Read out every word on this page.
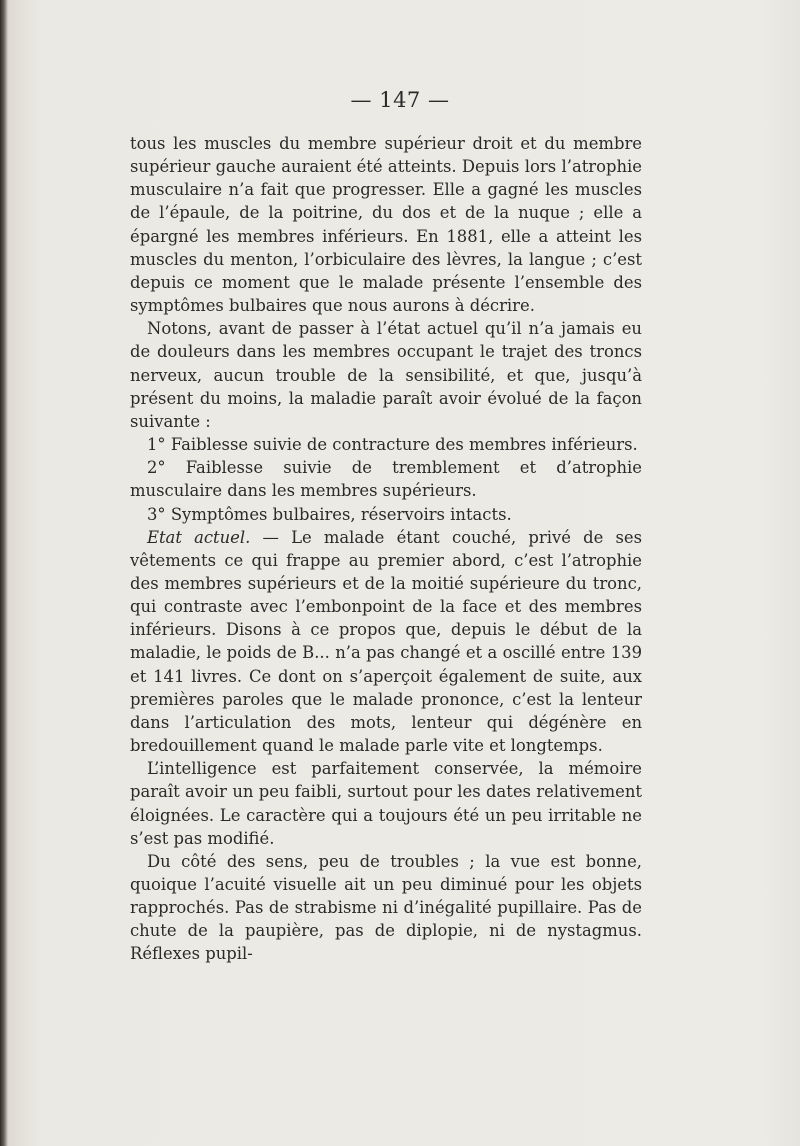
— 147 —

tous les muscles du membre supérieur droit et du membre supérieur gauche auraient été atteints. Depuis lors l’atrophie musculaire n’a fait que progresser. Elle a gagné les muscles de l’épaule, de la poitrine, du dos et de la nuque ; elle a épargné les membres inférieurs. En 1881, elle a atteint les muscles du menton, l’orbiculaire des lèvres, la langue ; c’est depuis ce moment que le malade présente l’ensemble des symptômes bulbaires que nous aurons à décrire.

Notons, avant de passer à l’état actuel qu’il n’a jamais eu de douleurs dans les membres occupant le trajet des troncs nerveux, aucun trouble de la sensibilité, et que, jusqu’à présent du moins, la maladie paraît avoir évolué de la façon suivante :

1° Faiblesse suivie de contracture des membres inférieurs.

2° Faiblesse suivie de tremblement et d’atrophie musculaire dans les membres supérieurs.

3° Symptômes bulbaires, réservoirs intacts.

Etat actuel. — Le malade étant couché, privé de ses vêtements ce qui frappe au premier abord, c’est l’atrophie des membres supérieurs et de la moitié supérieure du tronc, qui contraste avec l’embonpoint de la face et des membres inférieurs. Disons à ce propos que, depuis le début de la maladie, le poids de B... n’a pas changé et a oscillé entre 139 et 141 livres. Ce dont on s’aperçoit également de suite, aux premières paroles que le malade prononce, c’est la lenteur dans l’articulation des mots, lenteur qui dégénère en bredouillement quand le malade parle vite et longtemps.

L’intelligence est parfaitement conservée, la mémoire paraît avoir un peu faibli, surtout pour les dates relativement éloignées. Le caractère qui a toujours été un peu irritable ne s’est pas modifié.

Du côté des sens, peu de troubles ; la vue est bonne, quoique l’acuité visuelle ait un peu diminué pour les objets rapprochés. Pas de strabisme ni d’inégalité pupillaire. Pas de chute de la paupière, pas de diplopie, ni de nystagmus. Réflexes pupil-
